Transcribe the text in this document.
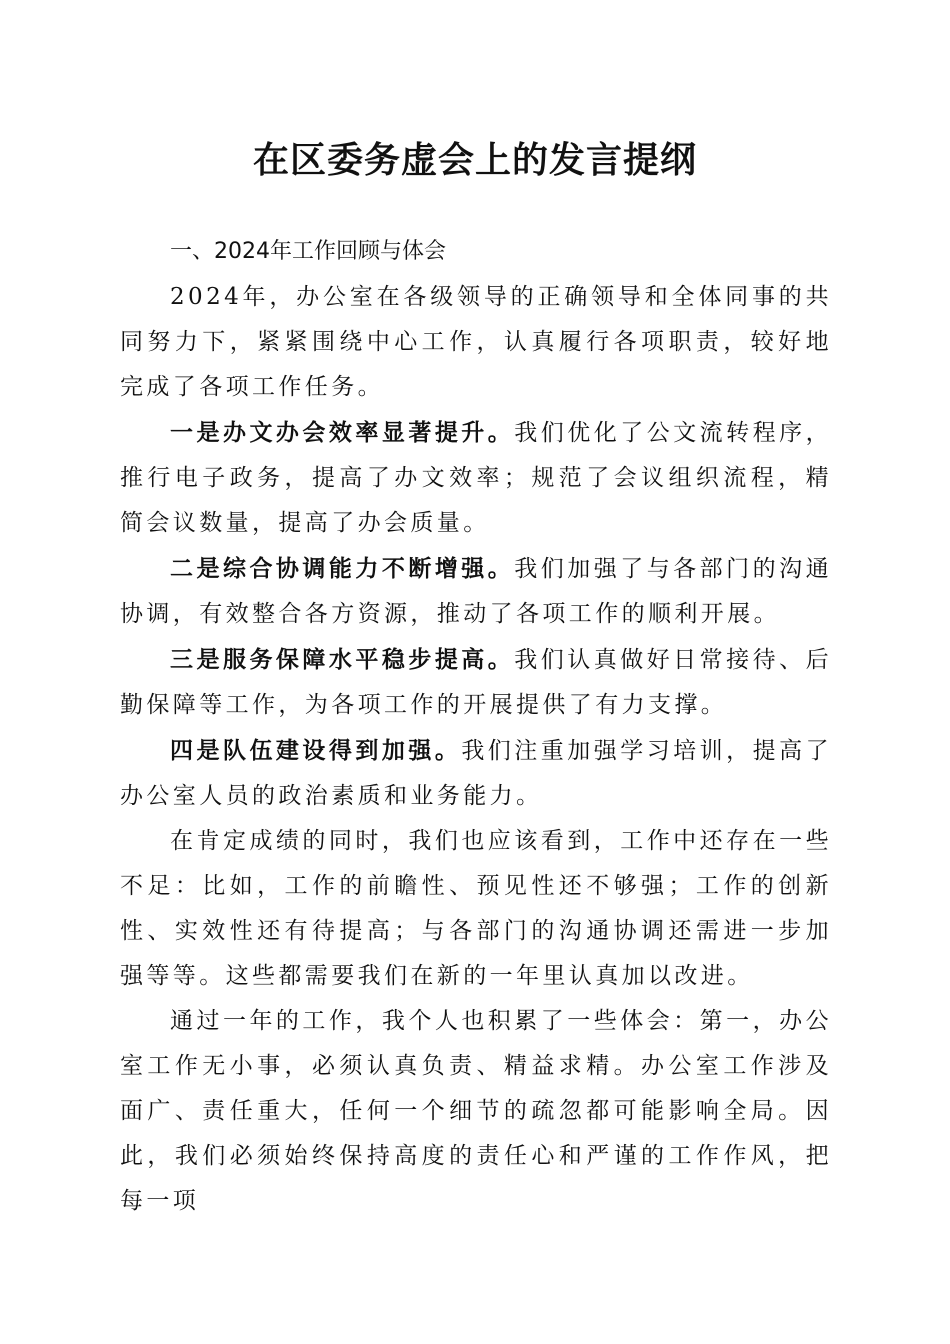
在区委务虚会上的发言提纲

一、2024年工作回顾与体会

2024年，办公室在各级领导的正确领导和全体同事的共同努力下，紧紧围绕中心工作，认真履行各项职责，较好地完成了各项工作任务。

一是办文办会效率显著提升。我们优化了公文流转程序，推行电子政务，提高了办文效率；规范了会议组织流程，精简会议数量，提高了办会质量。

二是综合协调能力不断增强。我们加强了与各部门的沟通协调，有效整合各方资源，推动了各项工作的顺利开展。

三是服务保障水平稳步提高。我们认真做好日常接待、后勤保障等工作，为各项工作的开展提供了有力支撑。

四是队伍建设得到加强。我们注重加强学习培训，提高了办公室人员的政治素质和业务能力。

在肯定成绩的同时，我们也应该看到，工作中还存在一些不足：比如，工作的前瞻性、预见性还不够强；工作的创新性、实效性还有待提高；与各部门的沟通协调还需进一步加强等等。这些都需要我们在新的一年里认真加以改进。

通过一年的工作，我个人也积累了一些体会：第一，办公室工作无小事，必须认真负责、精益求精。办公室工作涉及面广、责任重大，任何一个细节的疏忽都可能影响全局。因此，我们必须始终保持高度的责任心和严谨的工作作风，把每一项
